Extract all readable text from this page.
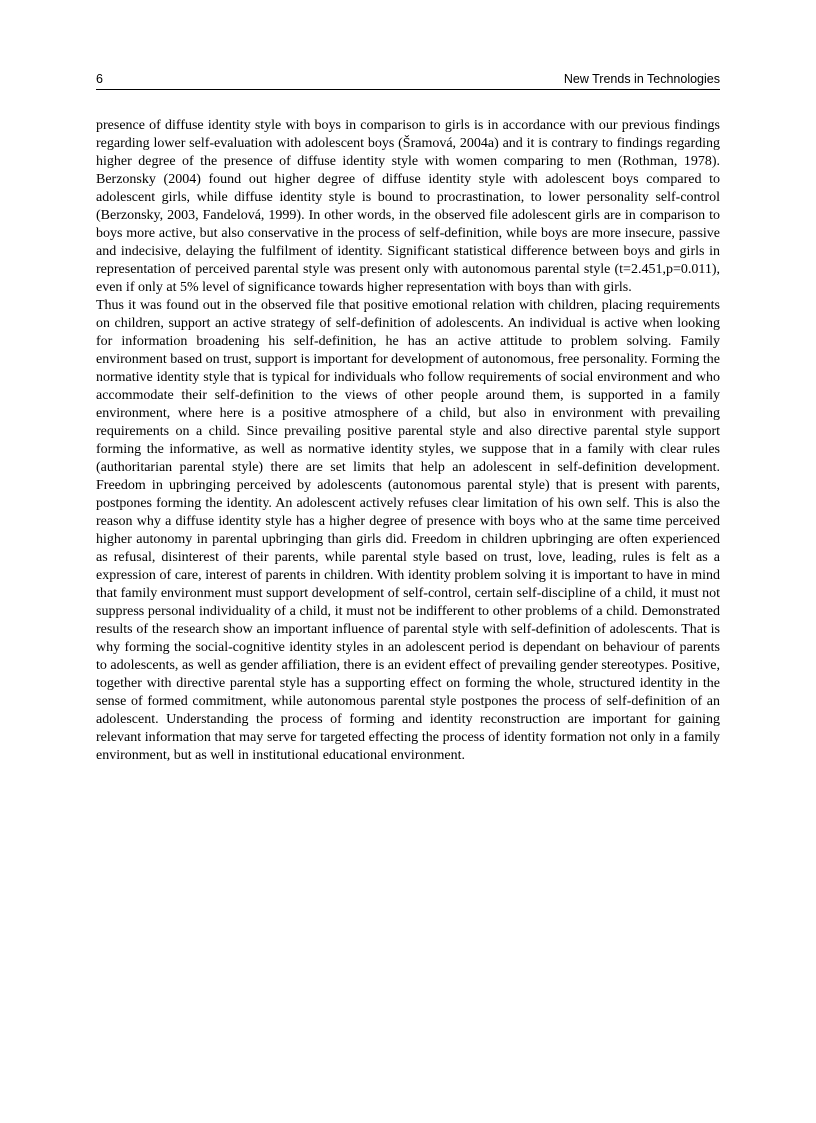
6	New Trends in Technologies

presence of diffuse identity style with boys in comparison to girls is in accordance with our previous findings regarding lower self-evaluation with adolescent boys (Šramová, 2004a) and it is contrary to findings regarding higher degree of the presence of diffuse identity style with women comparing to men (Rothman, 1978). Berzonsky (2004) found out higher degree of diffuse identity style with adolescent boys compared to adolescent girls, while diffuse identity style is bound to procrastination, to lower personality self-control (Berzonsky, 2003, Fandelová, 1999). In other words, in the observed file adolescent girls are in comparison to boys more active, but also conservative in the process of self-definition, while boys are more insecure, passive and indecisive, delaying the fulfilment of identity. Significant statistical difference between boys and girls in representation of perceived parental style was present only with autonomous parental style (t=2.451,p=0.011), even if only at 5% level of significance towards higher representation with boys than with girls.

Thus it was found out in the observed file that positive emotional relation with children, placing requirements on children, support an active strategy of self-definition of adolescents. An individual is active when looking for information broadening his self-definition, he has an active attitude to problem solving. Family environment based on trust, support is important for development of autonomous, free personality. Forming the normative identity style that is typical for individuals who follow requirements of social environment and who accommodate their self-definition to the views of other people around them, is supported in a family environment, where here is a positive atmosphere of a child, but also in environment with prevailing requirements on a child. Since prevailing positive parental style and also directive parental style support forming the informative, as well as normative identity styles, we suppose that in a family with clear rules (authoritarian parental style) there are set limits that help an adolescent in self-definition development. Freedom in upbringing perceived by adolescents (autonomous parental style) that is present with parents, postpones forming the identity. An adolescent actively refuses clear limitation of his own self. This is also the reason why a diffuse identity style has a higher degree of presence with boys who at the same time perceived higher autonomy in parental upbringing than girls did. Freedom in children upbringing are often experienced as refusal, disinterest of their parents, while parental style based on trust, love, leading, rules is felt as a expression of care, interest of parents in children. With identity problem solving it is important to have in mind that family environment must support development of self-control, certain self-discipline of a child, it must not suppress personal individuality of a child, it must not be indifferent to other problems of a child. Demonstrated results of the research show an important influence of parental style with self-definition of adolescents. That is why forming the social-cognitive identity styles in an adolescent period is dependant on behaviour of parents to adolescents, as well as gender affiliation, there is an evident effect of prevailing gender stereotypes. Positive, together with directive parental style has a supporting effect on forming the whole, structured identity in the sense of formed commitment, while autonomous parental style postpones the process of self-definition of an adolescent. Understanding the process of forming and identity reconstruction are important for gaining relevant information that may serve for targeted effecting the process of identity formation not only in a family environment, but as well in institutional educational environment.
